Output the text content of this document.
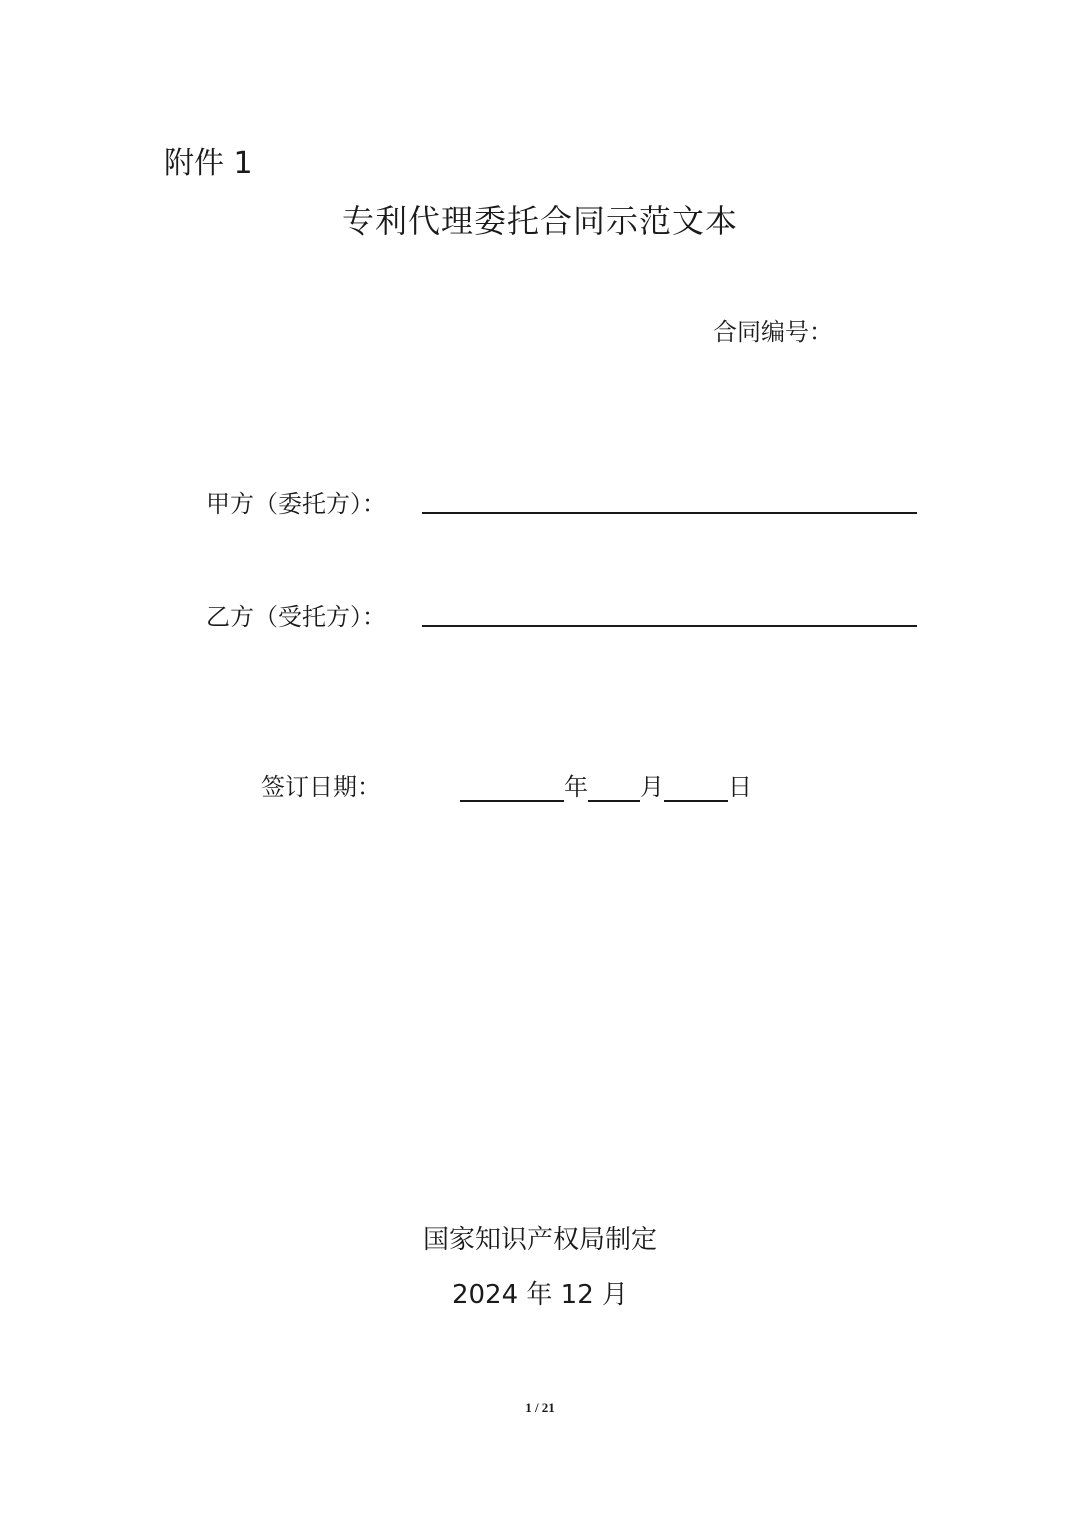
附件 1
专利代理委托合同示范文本
合同编号：
甲方（委托方）：
乙方（受托方）：
签订日期：	年 月	日
国家知识产权局制定
2024 年 12 月
1 / 21
